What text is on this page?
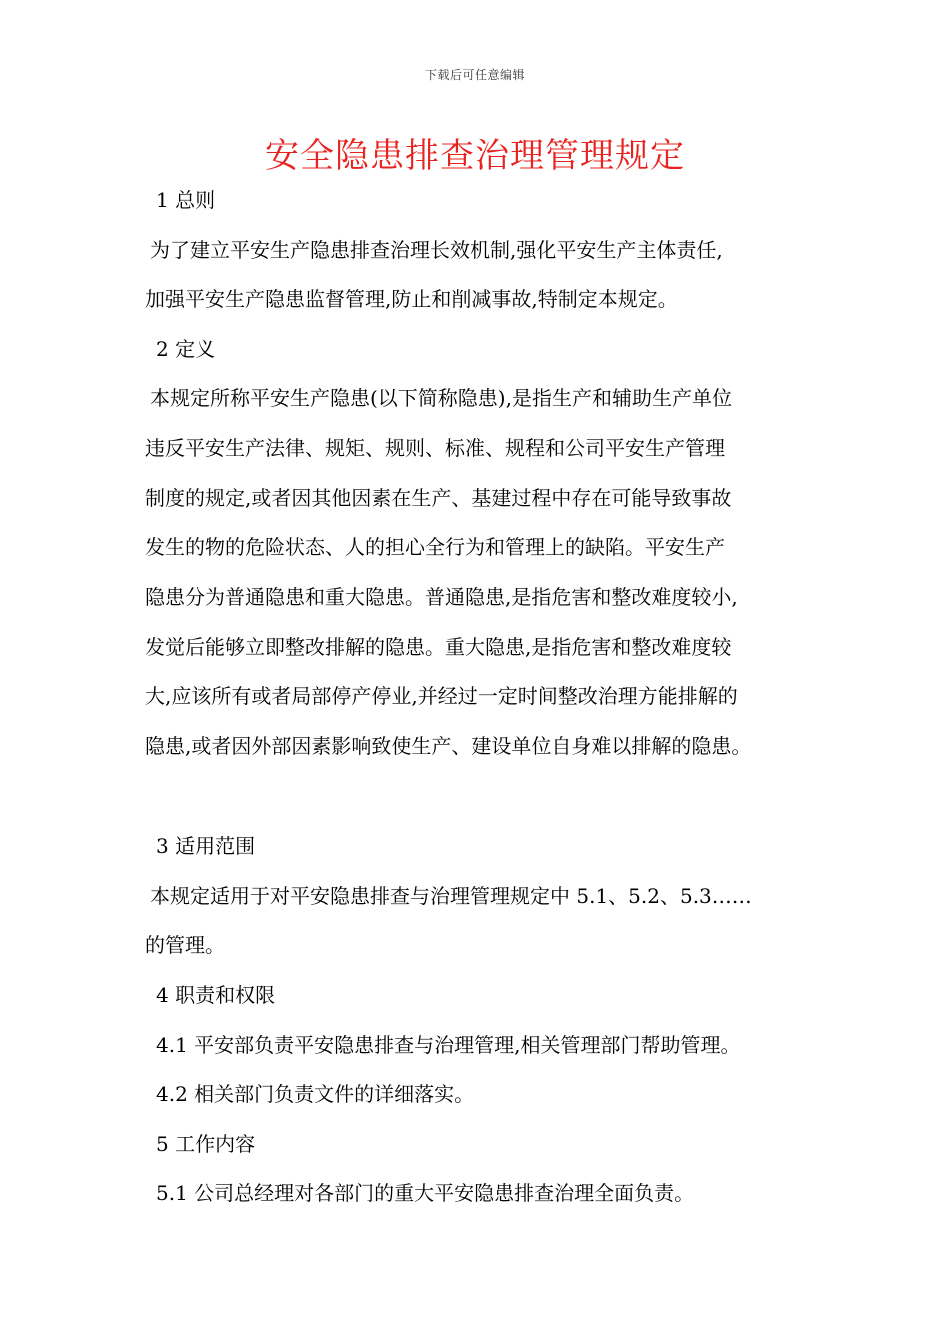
下载后可任意编辑
安全隐患排查治理管理规定
1 总则
为了建立平安生产隐患排查治理长效机制,强化平安生产主体责任,
加强平安生产隐患监督管理,防止和削减事故,特制定本规定。
2 定义
本规定所称平安生产隐患(以下简称隐患),是指生产和辅助生产单位
违反平安生产法律、规矩、规则、标准、规程和公司平安生产管理
制度的规定,或者因其他因素在生产、基建过程中存在可能导致事故
发生的物的危险状态、人的担心全行为和管理上的缺陷。平安生产
隐患分为普通隐患和重大隐患。普通隐患,是指危害和整改难度较小,
发觉后能够立即整改排解的隐患。重大隐患,是指危害和整改难度较
大,应该所有或者局部停产停业,并经过一定时间整改治理方能排解的
隐患,或者因外部因素影响致使生产、建设单位自身难以排解的隐患。
3 适用范围
本规定适用于对平安隐患排查与治理管理规定中 5.1、5.2、5.3……
的管理。
4 职责和权限
4.1 平安部负责平安隐患排查与治理管理,相关管理部门帮助管理。
4.2 相关部门负责文件的详细落实。
5 工作内容
5.1 公司总经理对各部门的重大平安隐患排查治理全面负责。
